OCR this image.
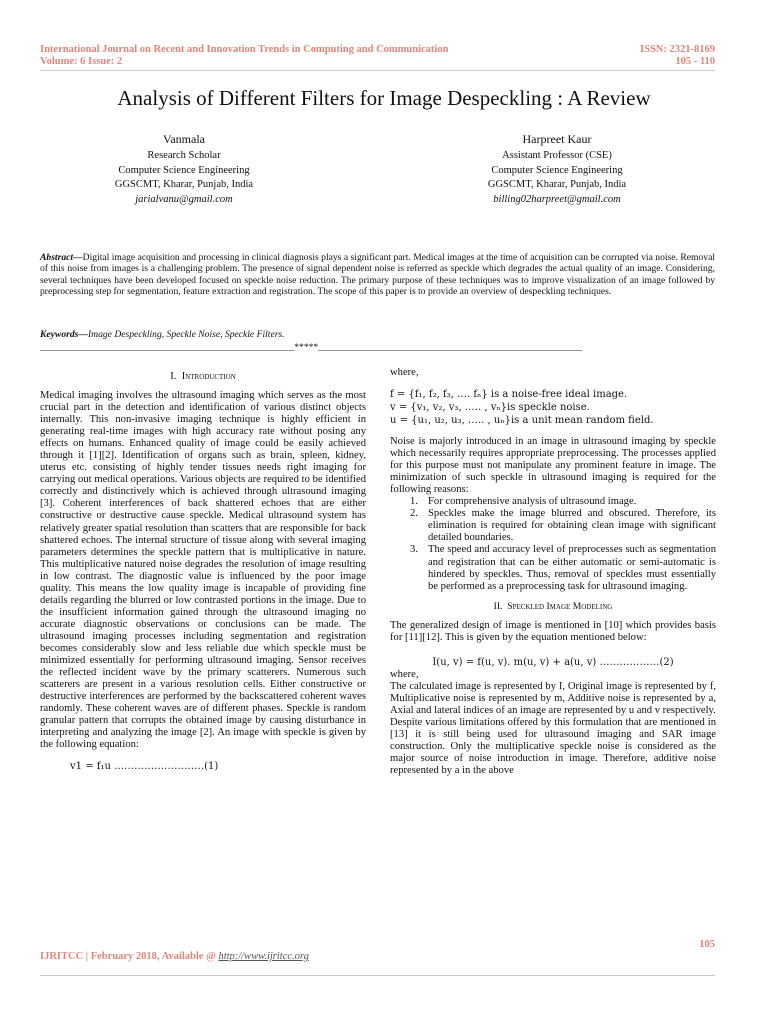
International Journal on Recent and Innovation Trends in Computing and Communication
Volume: 6 Issue: 2
ISSN: 2321-8169
105 - 110
Analysis of Different Filters for Image Despeckling : A Review
Vanmala
Research Scholar
Computer Science Engineering
GGSCMT, Kharar, Punjab, India
jarialvanu@gmail.com
Harpreet Kaur
Assistant Professor (CSE)
Computer Science Engineering
GGSCMT, Kharar, Punjab, India
billing02harpreet@gmail.com
Abstract—Digital image acquisition and processing in clinical diagnosis plays a significant part. Medical images at the time of acquisition can be corrupted via noise. Removal of this noise from images is a challenging problem. The presence of signal dependent noise is referred as speckle which degrades the actual quality of an image. Considering, several techniques have been developed focused on speckle noise reduction. The primary purpose of these techniques was to improve visualization of an image followed by preprocessing step for segmentation, feature extraction and registration. The scope of this paper is to provide an overview of despeckling techniques.
Keywords—Image Despeckling, Speckle Noise, Speckle Filters.
_____________________________________________________*****_______________________________________________________
I. Introduction

Medical imaging involves the ultrasound imaging which serves as the most crucial part in the detection and identification of various distinct objects internally. This non-invasive imaging technique is highly efficient in generating real-time images with high accuracy rate without posing any effects on humans. Enhanced quality of image could be easily achieved through it [1][2]. Identification of organs such as brain, spleen, kidney, uterus etc. consisting of highly tender tissues needs right imaging for carrying out medical operations. Various objects are required to be identified correctly and distinctively which is achieved through ultrasound imaging [3]. Coherent interferences of back shattered echoes that are either constructive or destructive cause speckle. Medical ultrasound system has relatively greater spatial resolution than scatters that are responsible for back shattered echoes. The internal structure of tissue along with several imaging parameters determines the speckle pattern that is multiplicative in nature. This multiplicative natured noise degrades the resolution of image resulting in low contrast. The diagnostic value is influenced by the poor image quality. This means the low quality image is incapable of providing fine details regarding the blurred or low contrasted portions in the image. Due to the insufficient information gained through the ultrasound imaging no accurate diagnostic observations or conclusions can be made. The ultrasound imaging processes including segmentation and registration becomes considerably slow and less reliable due which speckle must be minimized essentially for performing ultrasound imaging. Sensor receives the reflected incident wave by the primary scatterers. Numerous such scatterers are present in a various resolution cells. Either constructive or destructive interferences are performed by the backscattered coherent waves randomly. These coherent waves are of different phases. Speckle is random granular pattern that corrupts the obtained image by causing disturbance in interpreting and analyzing the image [2]. An image with speckle is given by the following equation:

v1 = f₁u ………………………(1)

where,

f = {f₁, f₂, f₃, …. fₙ} is a noise-free ideal image.
v = {v₁, v₂, v₃, ….. , vₙ}is speckle noise.
u = {u₁, u₂, u₃, ….. , uₙ}is a unit mean random field.

Noise is majorly introduced in an image in ultrasound imaging by speckle which necessarily requires appropriate preprocessing. The processes applied for this purpose must not manipulate any prominent feature in image. The minimization of such speckle in ultrasound imaging is required for the following reasons:

1. For comprehensive analysis of ultrasound image.
2. Speckles make the image blurred and obscured. Therefore, its elimination is required for obtaining clean image with significant detailed boundaries.
3. The speed and accuracy level of preprocesses such as segmentation and registration that can be either automatic or semi-automatic is hindered by speckles. Thus, removal of speckles must essentially be performed as a preprocessing task for ultrasound imaging.
II. Speckled Image Modeling

The generalized design of image is mentioned in [10] which provides basis for [11][12]. This is given by the equation mentioned below:

I(u, v) = f(u, v). m(u, v) + a(u, v) ………………(2)

where,

The calculated image is represented by I, Original image is represented by f, Multiplicative noise is represented by m, Additive noise is represented by a, Axial and lateral indices of an image are represented by u and v respectively.

Despite various limitations offered by this formulation that are mentioned in [13] it is still being used for ultrasound imaging and SAR image construction. Only the multiplicative speckle noise is considered as the major source of noise introduction in image. Therefore, additive noise represented by a in the above

105
IJRITCC | February 2018, Available @ http://www.ijritcc.org
